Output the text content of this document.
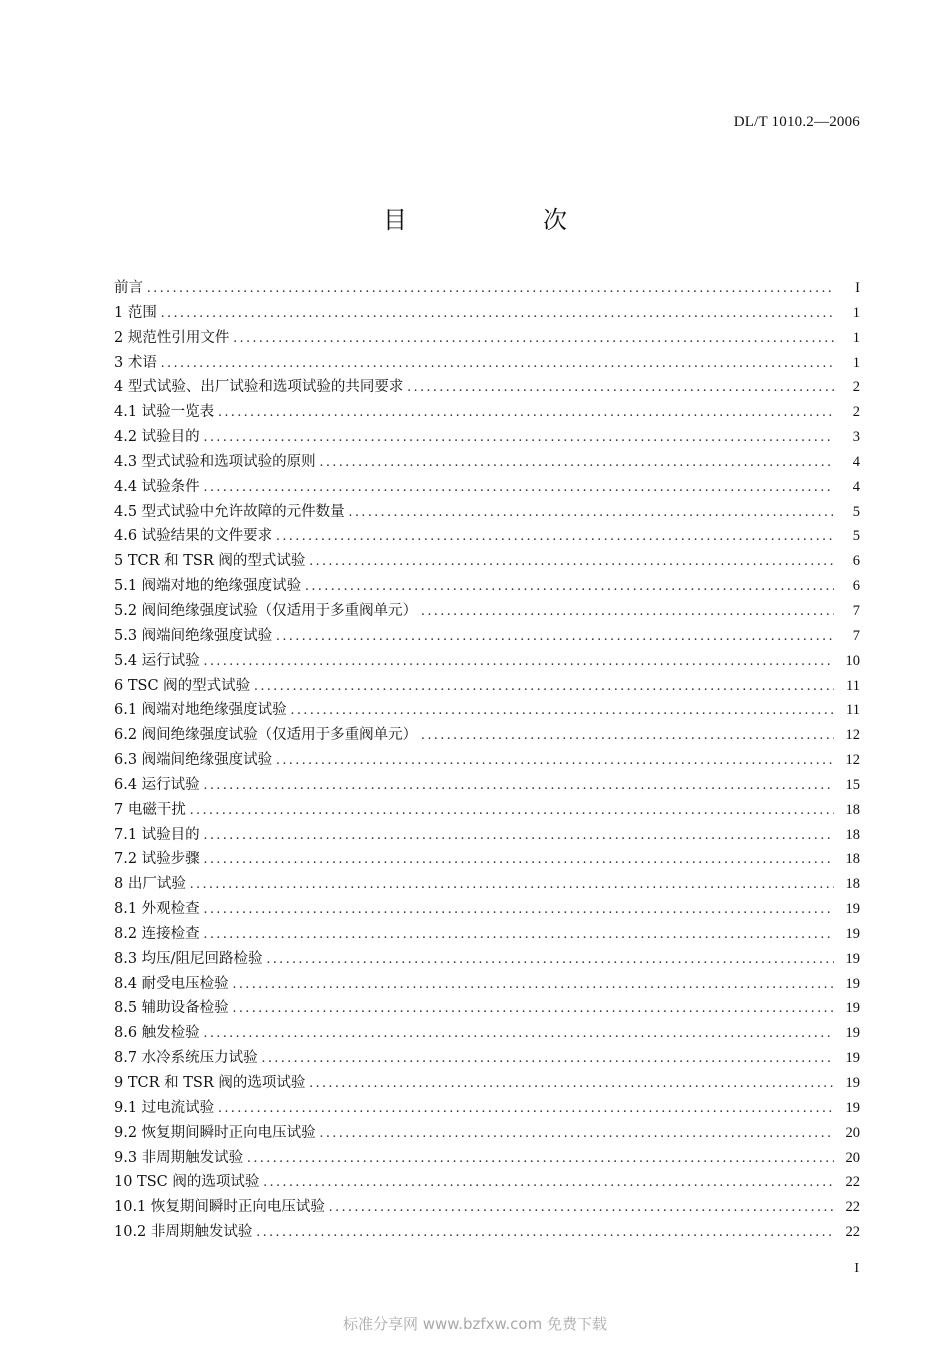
DL/T 1010.2—2006
目　次
前言 .....	I
1 范围 .....	1
2 规范性引用文件 .....	1
3 术语 .....	1
4 型式试验、出厂试验和选项试验的共同要求 .....	2
4.1 试验一览表 .....	2
4.2 试验目的 .....	3
4.3 型式试验和选项试验的原则 .....	4
4.4 试验条件 .....	4
4.5 型式试验中允许故障的元件数量 .....	5
4.6 试验结果的文件要求 .....	5
5 TCR 和 TSR 阀的型式试验 .....	6
5.1 阀端对地的绝缘强度试验 .....	6
5.2 阀间绝缘强度试验（仅适用于多重阀单元） .....	7
5.3 阀端间绝缘强度试验 .....	7
5.4 运行试验 .....	10
6 TSC 阀的型式试验 .....	11
6.1 阀端对地绝缘强度试验 .....	11
6.2 阀间绝缘强度试验（仅适用于多重阀单元） .....	12
6.3 阀端间绝缘强度试验 .....	12
6.4 运行试验 .....	15
7 电磁干扰 .....	18
7.1 试验目的 .....	18
7.2 试验步骤 .....	18
8 出厂试验 .....	18
8.1 外观检查 .....	19
8.2 连接检查 .....	19
8.3 均压/阻尼回路检验 .....	19
8.4 耐受电压检验 .....	19
8.5 辅助设备检验 .....	19
8.6 触发检验 .....	19
8.7 水冷系统压力试验 .....	19
9 TCR 和 TSR 阀的选项试验 .....	19
9.1 过电流试验 .....	19
9.2 恢复期间瞬时正向电压试验 .....	20
9.3 非周期触发试验 .....	20
10 TSC 阀的选项试验 .....	22
10.1 恢复期间瞬时正向电压试验 .....	22
10.2 非周期触发试验 .....	22
I
标准分享网 www.bzfxw.com 免费下载
